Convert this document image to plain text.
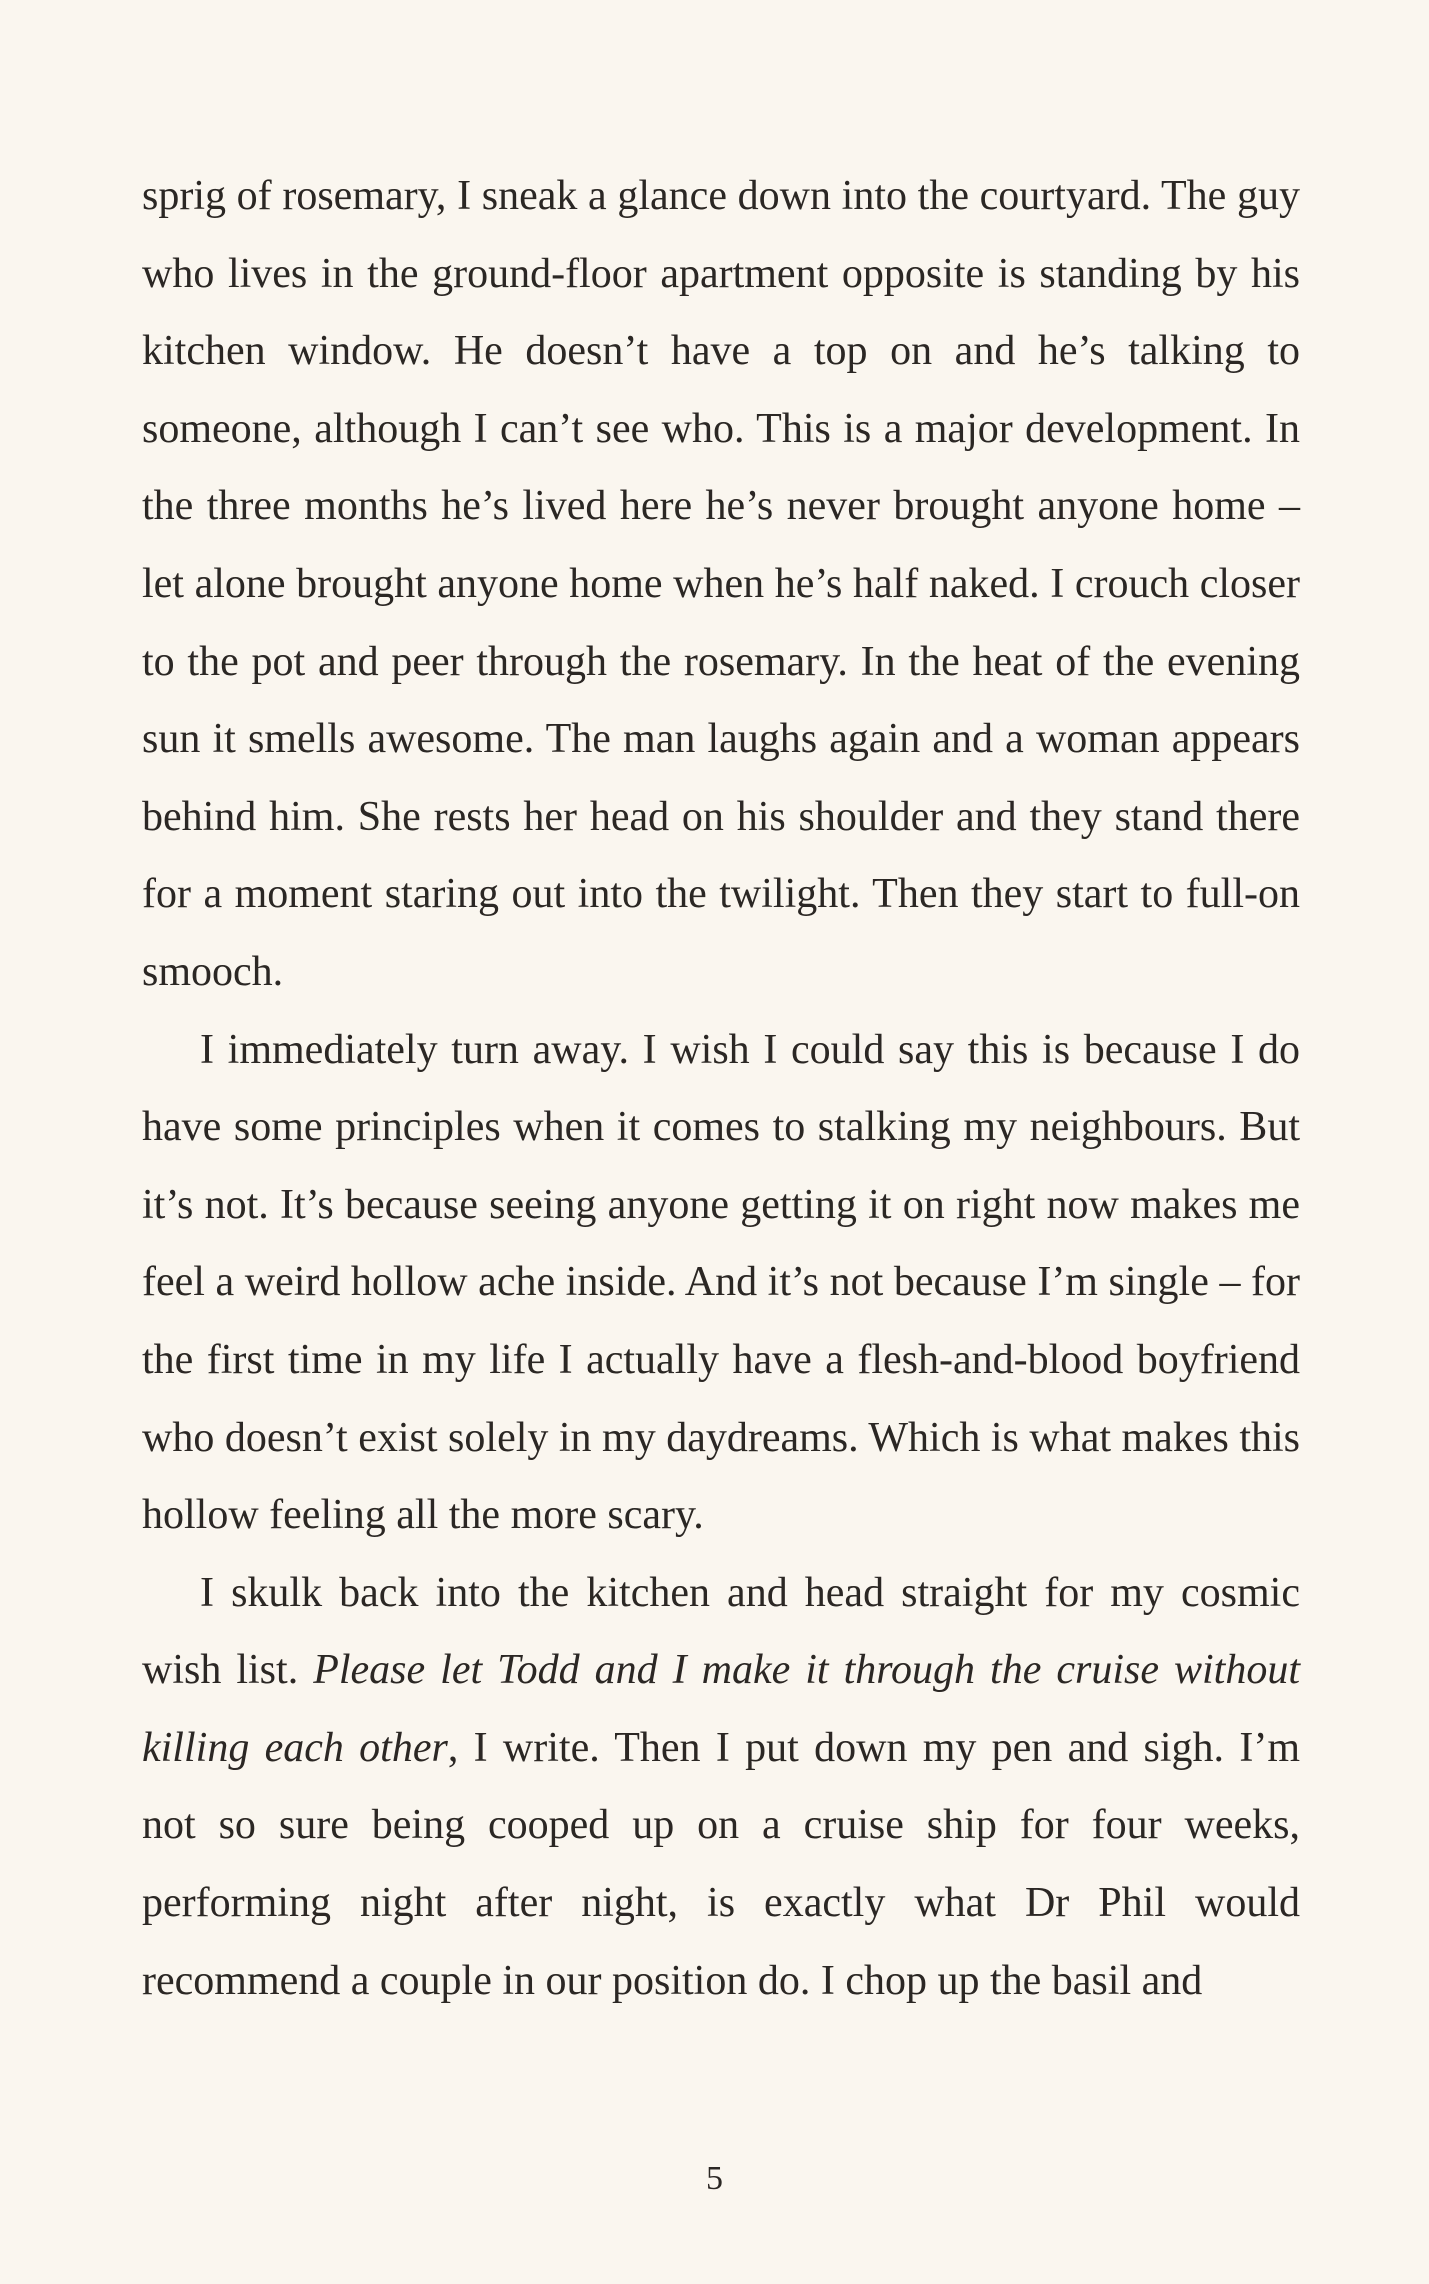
sprig of rosemary, I sneak a glance down into the courtyard. The guy who lives in the ground-floor apartment opposite is standing by his kitchen window. He doesn’t have a top on and he’s talking to someone, although I can’t see who. This is a major development. In the three months he’s lived here he’s never brought anyone home – let alone brought anyone home when he’s half naked. I crouch closer to the pot and peer through the rosemary. In the heat of the evening sun it smells awesome. The man laughs again and a woman appears behind him. She rests her head on his shoulder and they stand there for a moment staring out into the twilight. Then they start to full-on smooch.

I immediately turn away. I wish I could say this is because I do have some principles when it comes to stalking my neighbours. But it’s not. It’s because seeing anyone getting it on right now makes me feel a weird hollow ache inside. And it’s not because I’m single – for the first time in my life I actually have a flesh-and-blood boyfriend who doesn’t exist solely in my daydreams. Which is what makes this hollow feeling all the more scary.

I skulk back into the kitchen and head straight for my cosmic wish list. Please let Todd and I make it through the cruise without killing each other, I write. Then I put down my pen and sigh. I’m not so sure being cooped up on a cruise ship for four weeks, performing night after night, is exactly what Dr Phil would recommend a couple in our position do. I chop up the basil and

5
